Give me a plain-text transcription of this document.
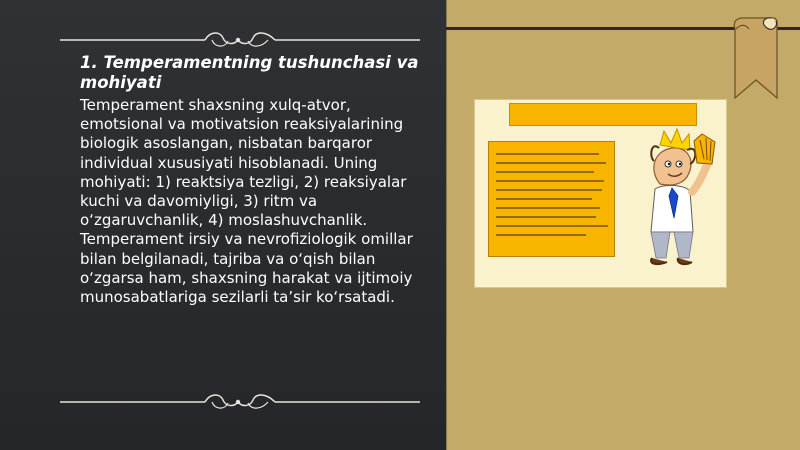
1. Temperamentning tushunchasi va mohiyati

Temperament shaxsning xulq-atvor, emotsional va motivatsion reaksiyalarining biologik asoslangan, nisbatan barqaror individual xususiyati hisoblanadi. Uning mohiyati: 1) reaktsiya tezligi, 2) reaksiyalar kuchi va davomiyligi, 3) ritm va o‘zgaruvchanlik, 4) moslashuvchanlik. Temperament irsiy va nevrofiziologik omillar bilan belgilanadi, tajriba va o‘qish bilan o‘zgarsa ham, shaxsning harakat va ijtimoiy munosabatlariga sezilarli ta’sir ko‘rsatadi.
